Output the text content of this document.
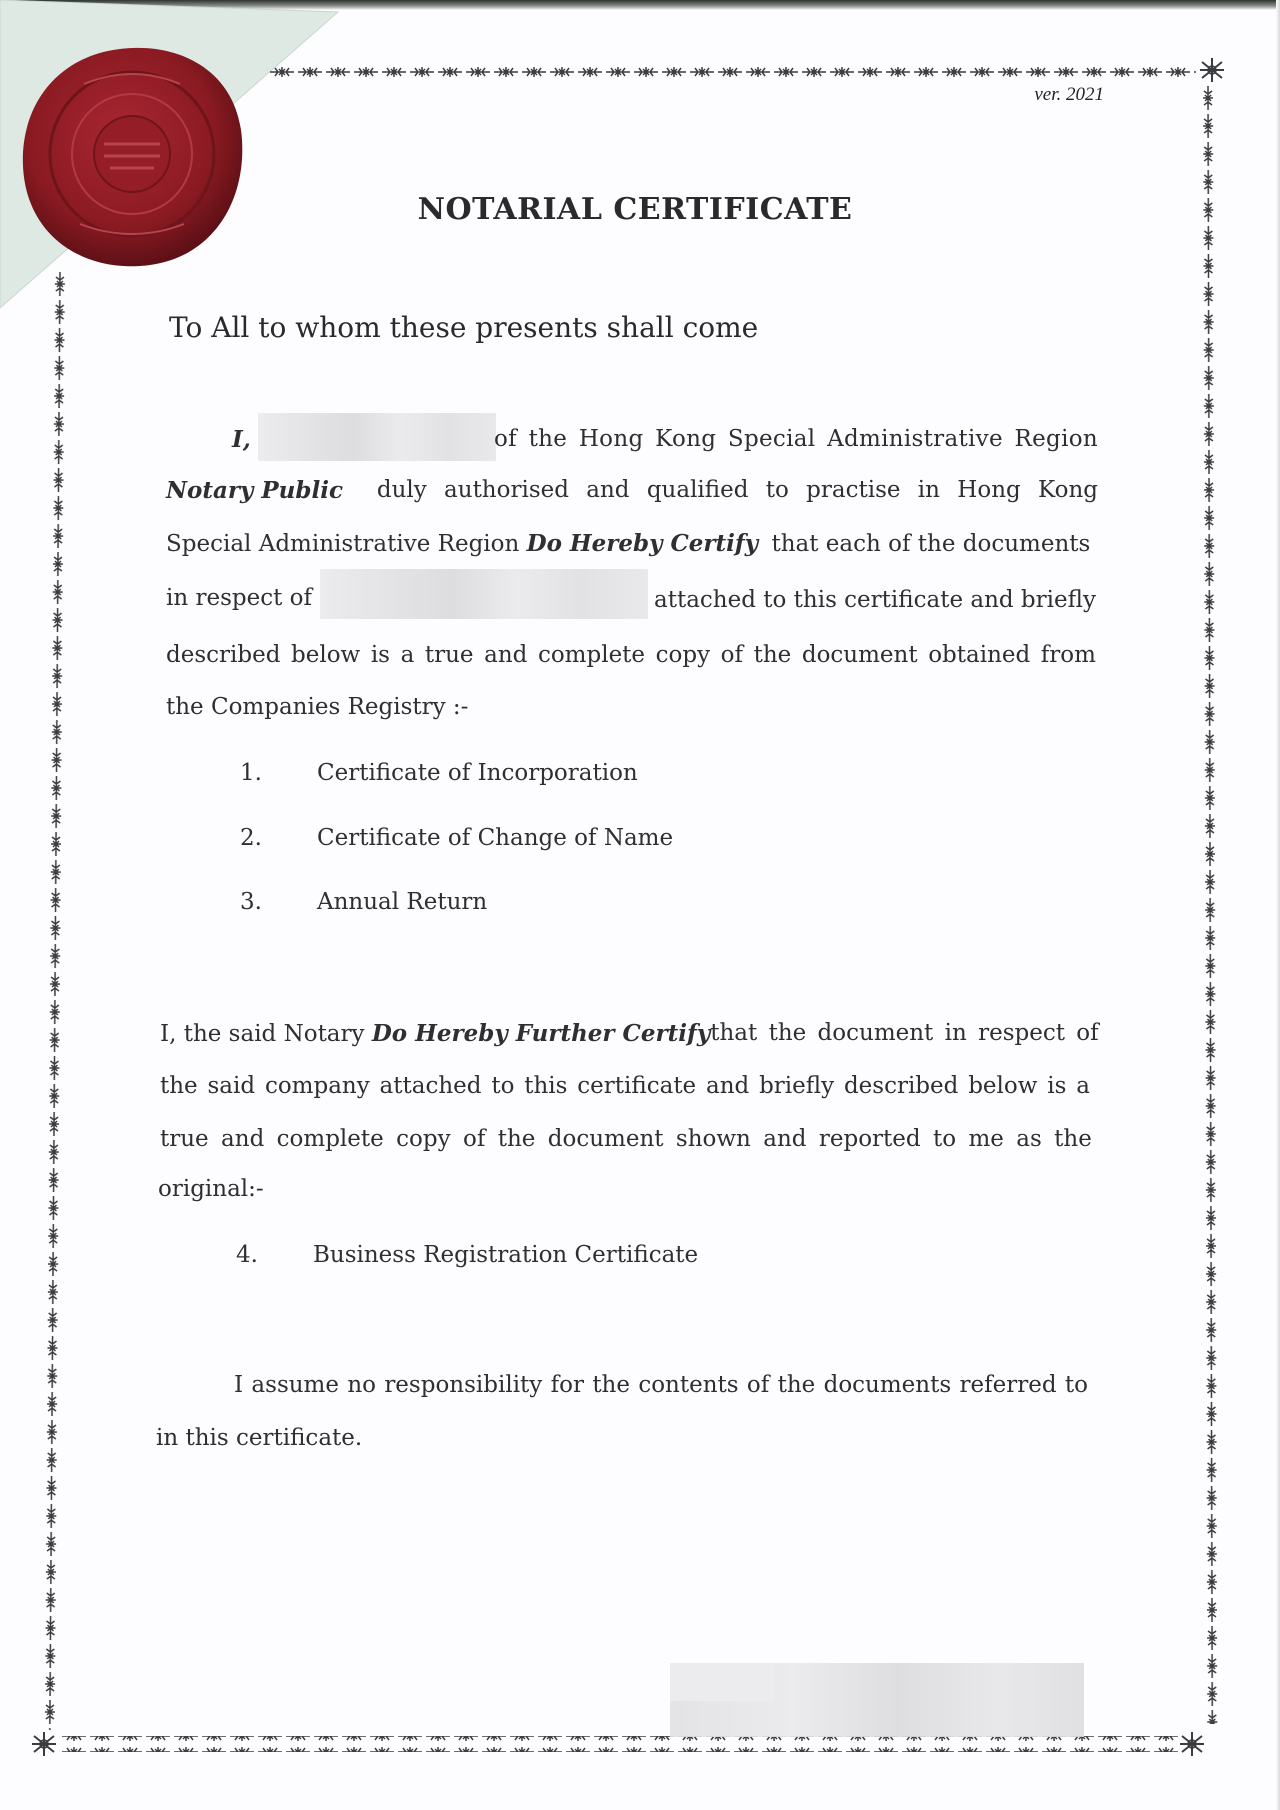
ver. 2021
NOTARIAL CERTIFICATE
To All to whom these presents shall come
I,	of the Hong Kong Special Administrative Region
Notary Public duly authorised and qualified to practise in Hong Kong
Special Administrative Region Do Hereby Certify that each of the documents
in respect of	attached to this certificate and briefly
described below is a true and complete copy of the document obtained from
the Companies Registry :-
1. Certificate of Incorporation
2. Certificate of Change of Name
3. Annual Return
I, the said Notary Do Hereby Further Certify that the document in respect of
the said company attached to this certificate and briefly described below is a
true and complete copy of the document shown and reported to me as the
original:-
4. Business Registration Certificate
I assume no responsibility for the contents of the documents referred to
in this certificate.
